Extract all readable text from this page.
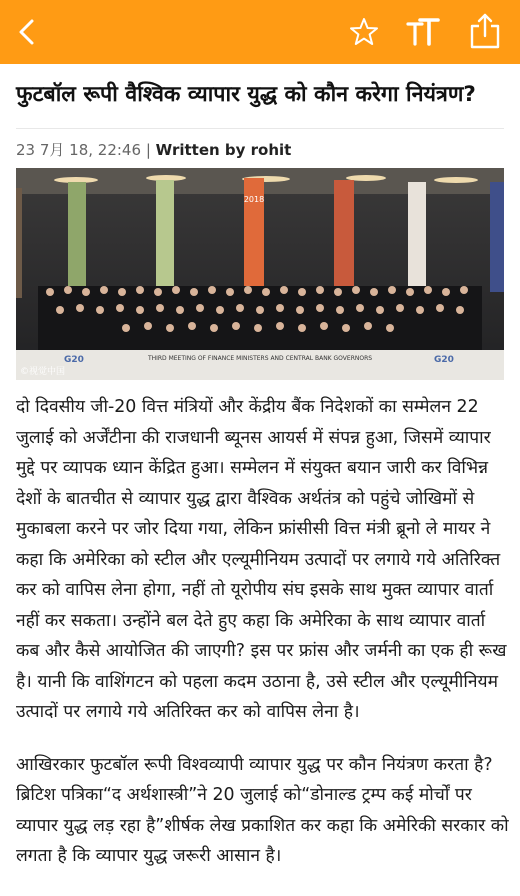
फुटबॉल रूपी वैश्विक व्यापार युद्ध को कौन करेगा नियंत्रण?
23 7月 18, 22:46 | Written by rohit
2018
THIRD MEETING OF FINANCE MINISTERS AND CENTRAL BANK GOVERNORS
G20	G20
©视觉中国

दो दिवसीय जी-20 वित्त मंत्रियों और केंद्रीय बैंक निदेशकों का सम्मेलन 22 जुलाई को अर्जेंटीना की राजधानी ब्यूनस आयर्स में संपन्न हुआ, जिसमें व्यापार मुद्दे पर व्यापक ध्यान केंद्रित हुआ। सम्मेलन में संयुक्त बयान जारी कर विभिन्न देशों के बातचीत से व्यापार युद्ध द्वारा वैश्विक अर्थतंत्र को पहुंचे जोखिमों से मुकाबला करने पर जोर दिया गया, लेकिन फ्रांसीसी वित्त मंत्री ब्रूनो ले मायर ने कहा कि अमेरिका को स्टील और एल्यूमीनियम उत्पादों पर लगाये गये अतिरिक्त कर को वापिस लेना होगा, नहीं तो यूरोपीय संघ इसके साथ मुक्त व्यापार वार्ता नहीं कर सकता। उन्होंने बल देते हुए कहा कि अमेरिका के साथ व्यापार वार्ता कब और कैसे आयोजित की जाएगी? इस पर फ्रांस और जर्मनी का एक ही रूख है। यानी कि वाशिंगटन को पहला कदम उठाना है, उसे स्टील और एल्यूमीनियम उत्पादों पर लगाये गये अतिरिक्त कर को वापिस लेना है।

आखिरकार फुटबॉल रूपी विश्वव्यापी व्यापार युद्ध पर कौन नियंत्रण करता है? ब्रिटिश पत्रिका“द अर्थशास्त्री”ने 20 जुलाई को“डोनाल्ड ट्रम्प कई मोर्चों पर व्यापार युद्ध लड़ रहा है”शीर्षक लेख प्रकाशित कर कहा कि अमेरिकी सरकार को लगता है कि व्यापार युद्ध जरूरी आसान है।
